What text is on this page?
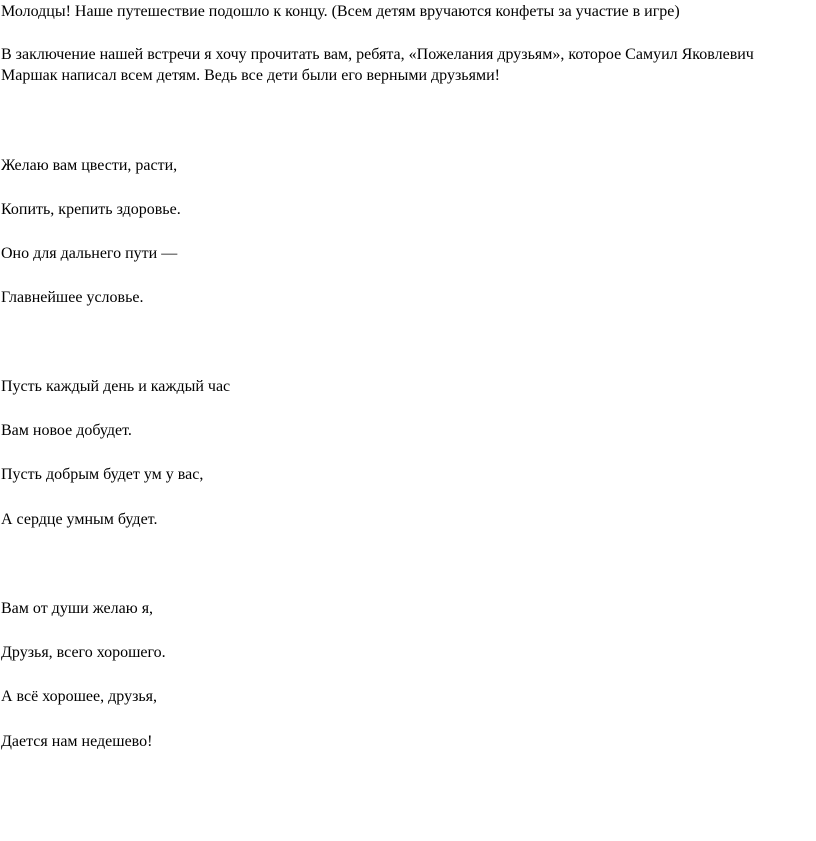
Молодцы! Наше путешествие подошло к концу. (Всем детям вручаются конфеты за участие в игре)
В заключение нашей встречи я хочу прочитать вам, ребята, «Пожелания друзьям», которое Самуил Яковлевич Маршак написал всем детям. Ведь все дети были его верными друзьями!
Желаю вам цвести, расти,
Копить, крепить здоровье.
Оно для дальнего пути —
Главнейшее условье.
Пусть каждый день и каждый час
Вам новое добудет.
Пусть добрым будет ум у вас,
А сердце умным будет.
Вам от души желаю я,
Друзья, всего хорошего.
А всё хорошее, друзья,
Дается нам недешево!
